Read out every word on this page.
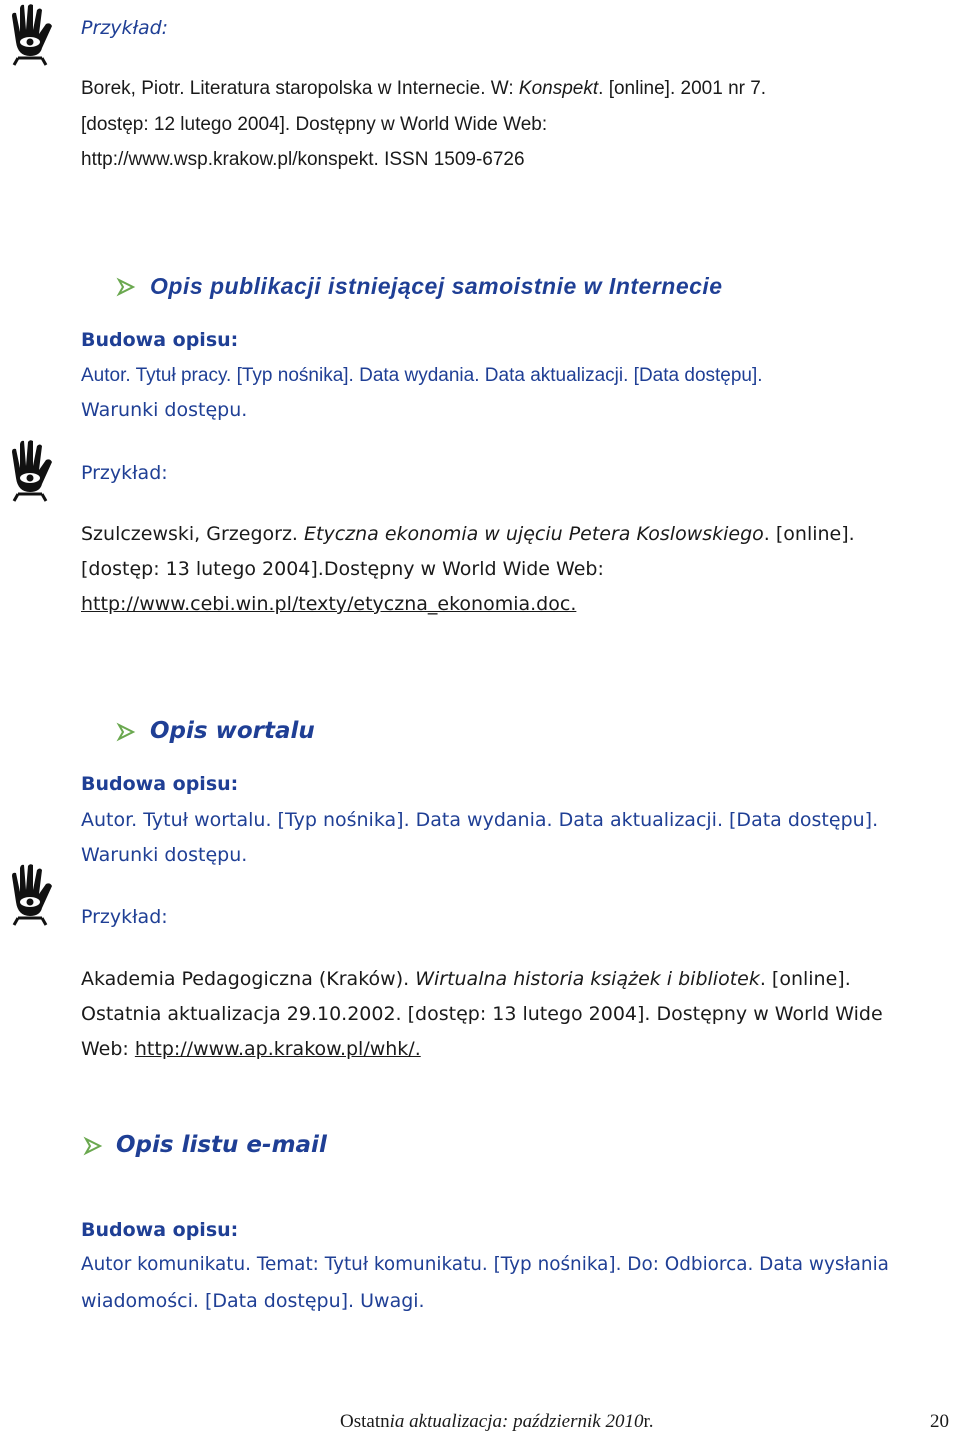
Przykład:
Borek, Piotr. Literatura staropolska w Internecie. W: Konspekt. [online]. 2001 nr 7.
[dostęp: 12 lutego 2004]. Dostępny w World Wide Web:
http://www.wsp.krakow.pl/konspekt. ISSN 1509-6726
Opis publikacji istniejącej samoistnie w Internecie
Budowa opisu:
Autor. Tytuł pracy. [Typ nośnika]. Data wydania. Data aktualizacji. [Data dostępu].
Warunki dostępu.
Przykład:
Szulczewski, Grzegorz. Etyczna ekonomia w ujęciu Petera Koslowskiego. [online].
[dostęp: 13 lutego 2004].Dostępny w World Wide Web:
http://www.cebi.win.pl/texty/etyczna_ekonomia.doc.
Opis wortalu
Budowa opisu:
Autor. Tytuł wortalu. [Typ nośnika]. Data wydania. Data aktualizacji. [Data dostępu].
Warunki dostępu.
Przykład:
Akademia Pedagogiczna (Kraków). Wirtualna historia książek i bibliotek. [online].
Ostatnia aktualizacja 29.10.2002. [dostęp: 13 lutego 2004]. Dostępny w World Wide
Web: http://www.ap.krakow.pl/whk/.
Opis listu e-mail
Budowa opisu:
Autor komunikatu. Temat: Tytuł komunikatu. [Typ nośnika]. Do: Odbiorca. Data wysłania
wiadomości. [Data dostępu]. Uwagi.
Ostatnia aktualizacja: październik 2010r.	20
